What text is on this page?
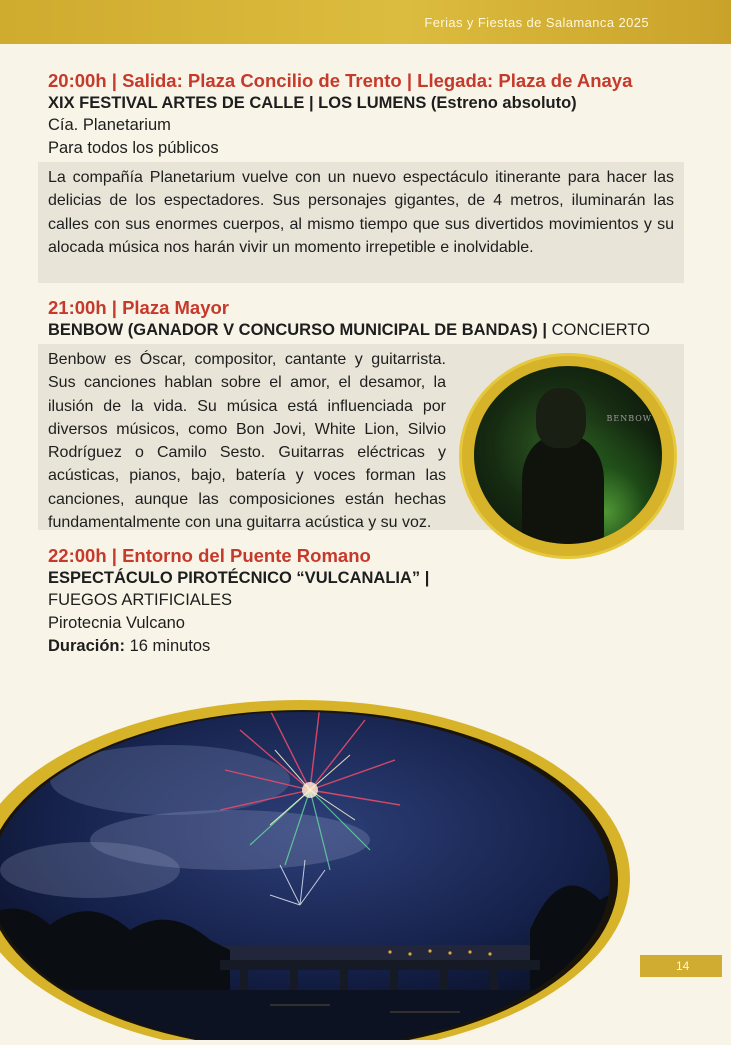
Ferias y Fiestas de Salamanca 2025
20:00h | Salida: Plaza Concilio de Trento | Llegada: Plaza de Anaya
XIX FESTIVAL ARTES DE CALLE | LOS LUMENS (Estreno absoluto)
Cía. Planetarium
Para todos los públicos
La compañía Planetarium vuelve con un nuevo espectáculo itinerante para hacer las delicias de los espectadores. Sus personajes gigantes, de 4 metros, iluminarán las calles con sus enormes cuerpos, al mismo tiempo que sus divertidos movimientos y su alocada música nos harán vivir un momento irrepetible e inolvidable.
21:00h | Plaza Mayor
BENBOW (GANADOR V CONCURSO MUNICIPAL DE BANDAS) | CONCIERTO
Benbow es Óscar, compositor, cantante y guitarrista. Sus canciones hablan sobre el amor, el desamor, la ilusión de la vida. Su música está influenciada por diversos músicos, como Bon Jovi, White Lion, Silvio Rodríguez o Camilo Sesto. Guitarras eléctricas y acústicas, pianos, bajo, batería y voces forman las canciones, aunque las composiciones están hechas fundamentalmente con una guitarra acústica y su voz.
BENBOW
22:00h | Entorno del Puente Romano
ESPECTÁCULO PIROTÉCNICO “VULCANALIA” |
FUEGOS ARTIFICIALES
Pirotecnia Vulcano
Duración: 16 minutos
14
